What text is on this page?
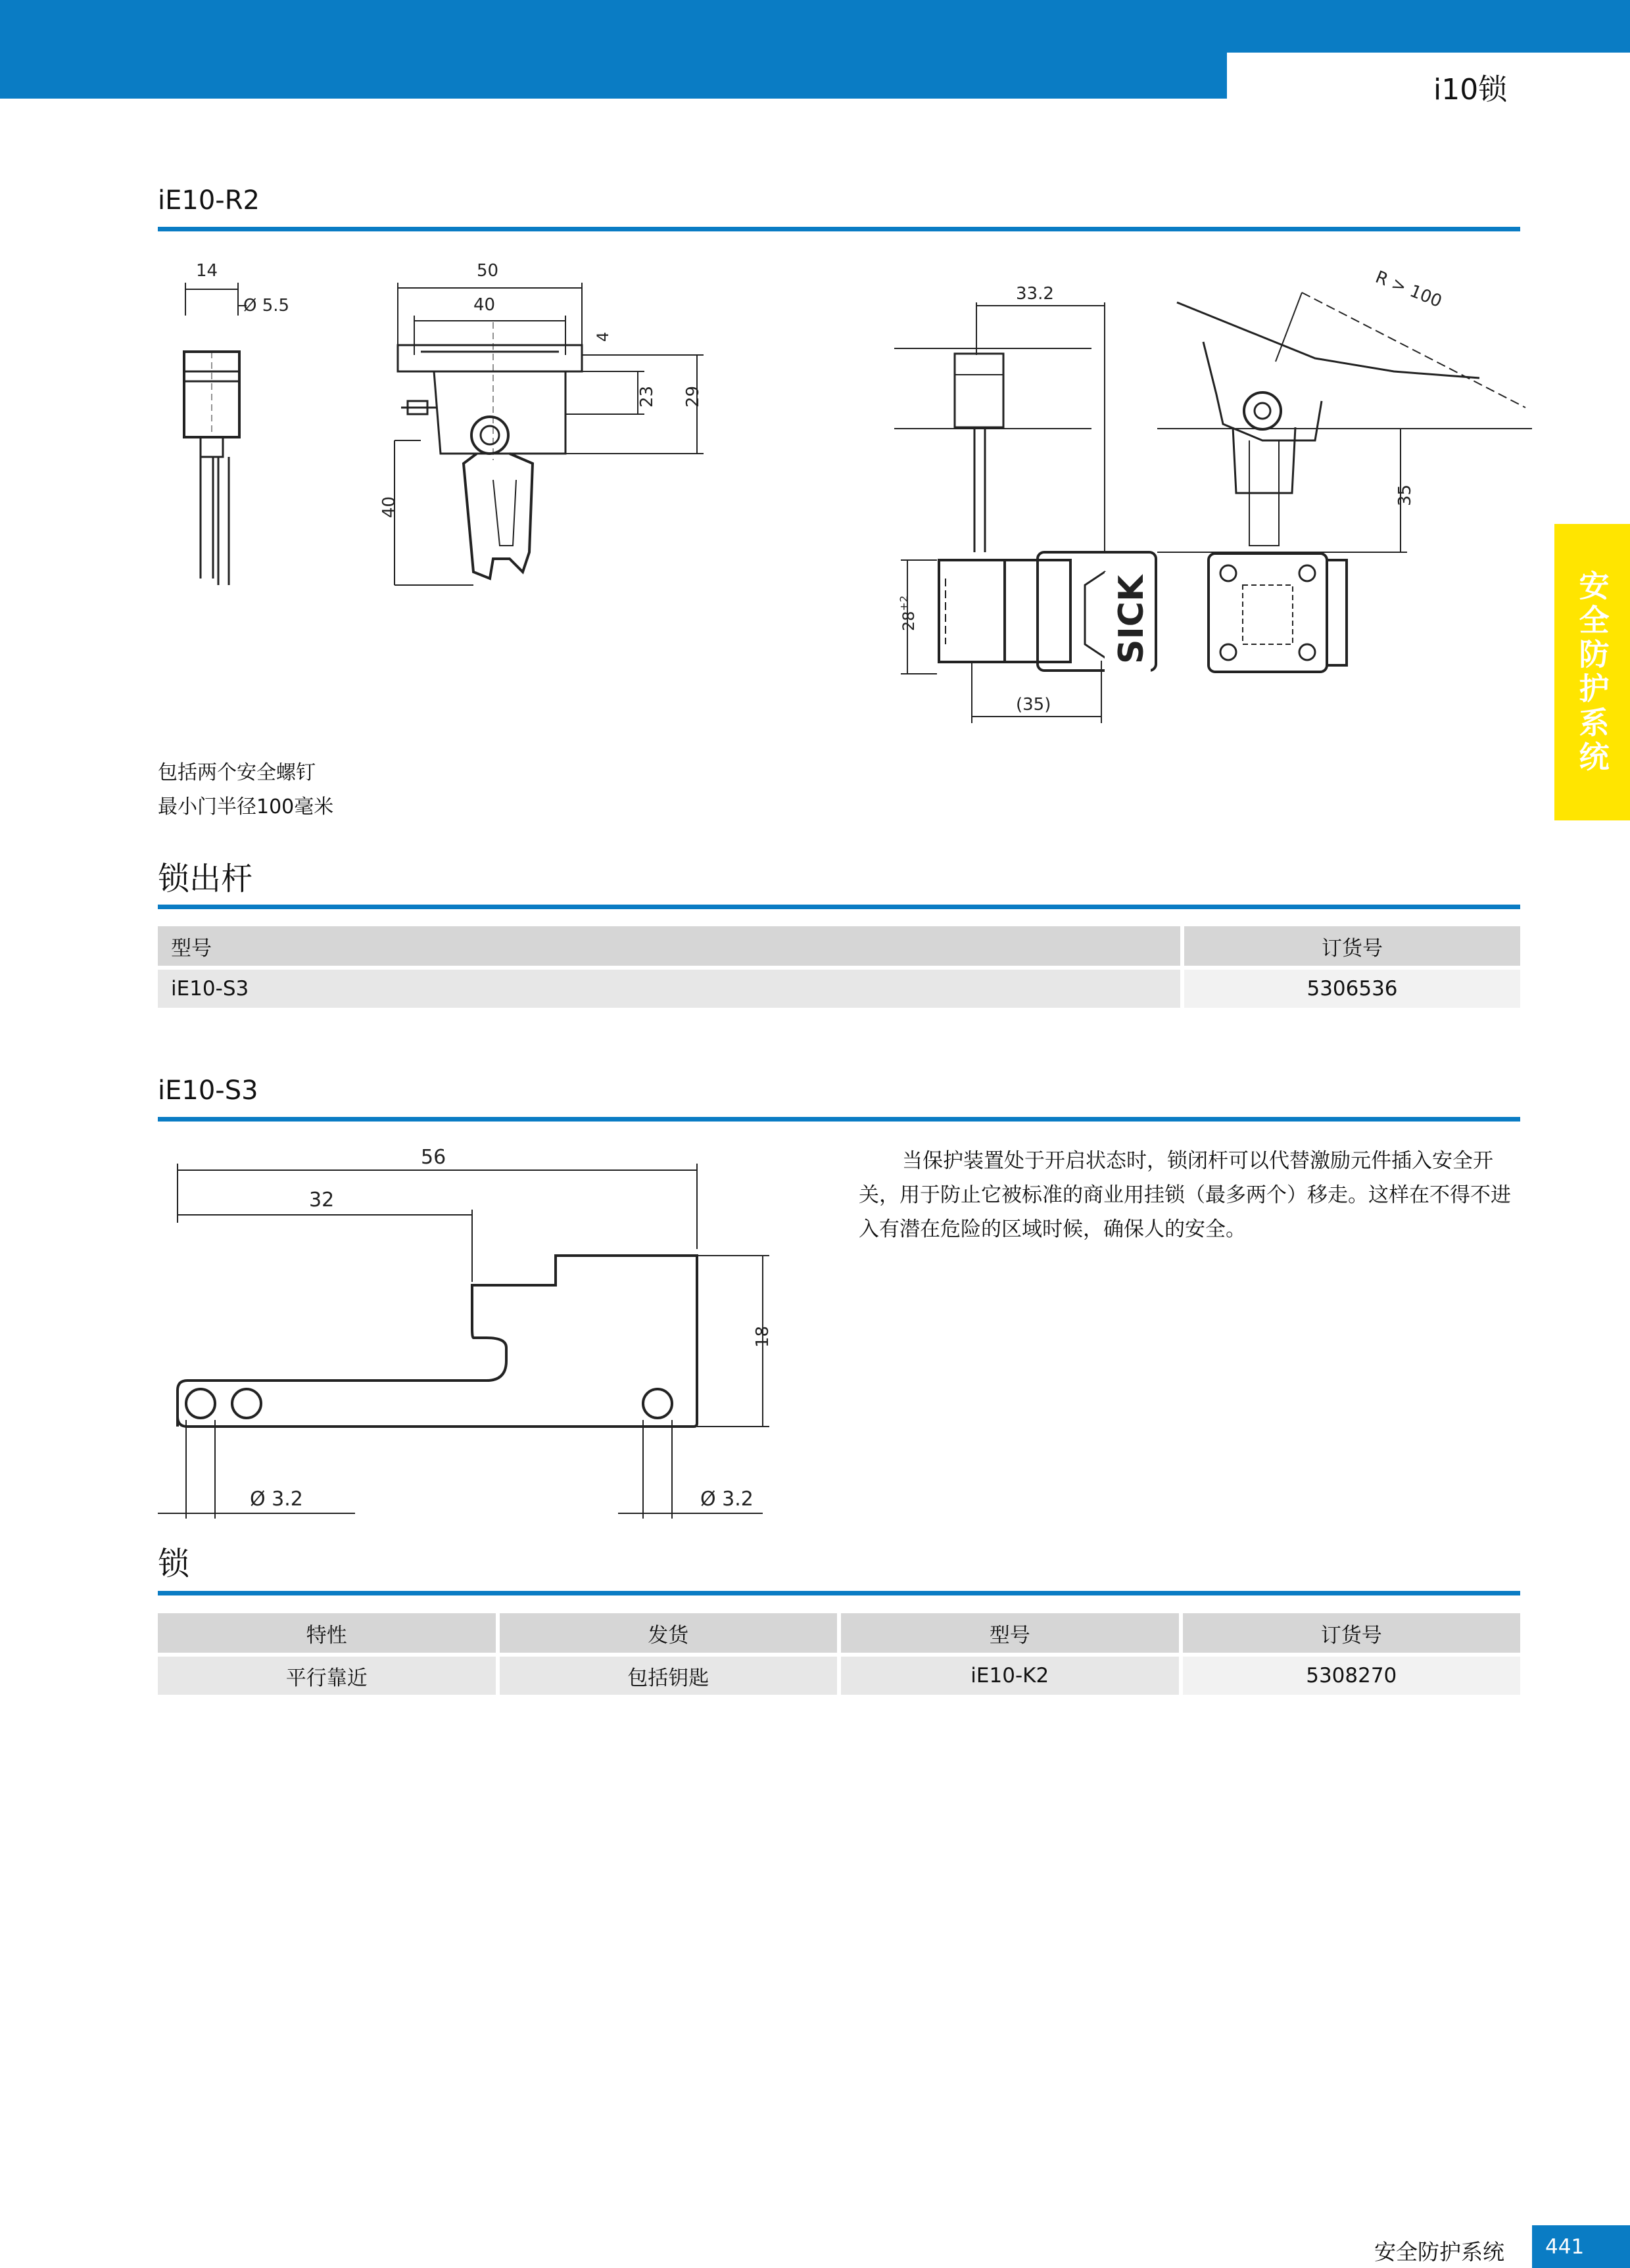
i10锁
安全防护系统
iE10-R2
14
Ø 5.5
50
40
4
23 29
40
33.2
SICK
$28^{+2}$
(35)
R > 100
35
包括两个安全螺钉
最小门半径100毫米
锁出杆
型号	订货号
iE10-S3	5306536
iE10-S3
56
32
18
Ø 3.2	Ø 3.2

当保护装置处于开启状态时，锁闭杆可以代替激励元件插入安全开关，用于防止它被标准的商业用挂锁（最多两个）移走。这样在不得不进入有潜在危险的区域时候，确保人的安全。

锁
特性	发货	型号	订货号
平行靠近	包括钥匙	iE10-K2	5308270
安全防护系统	441
